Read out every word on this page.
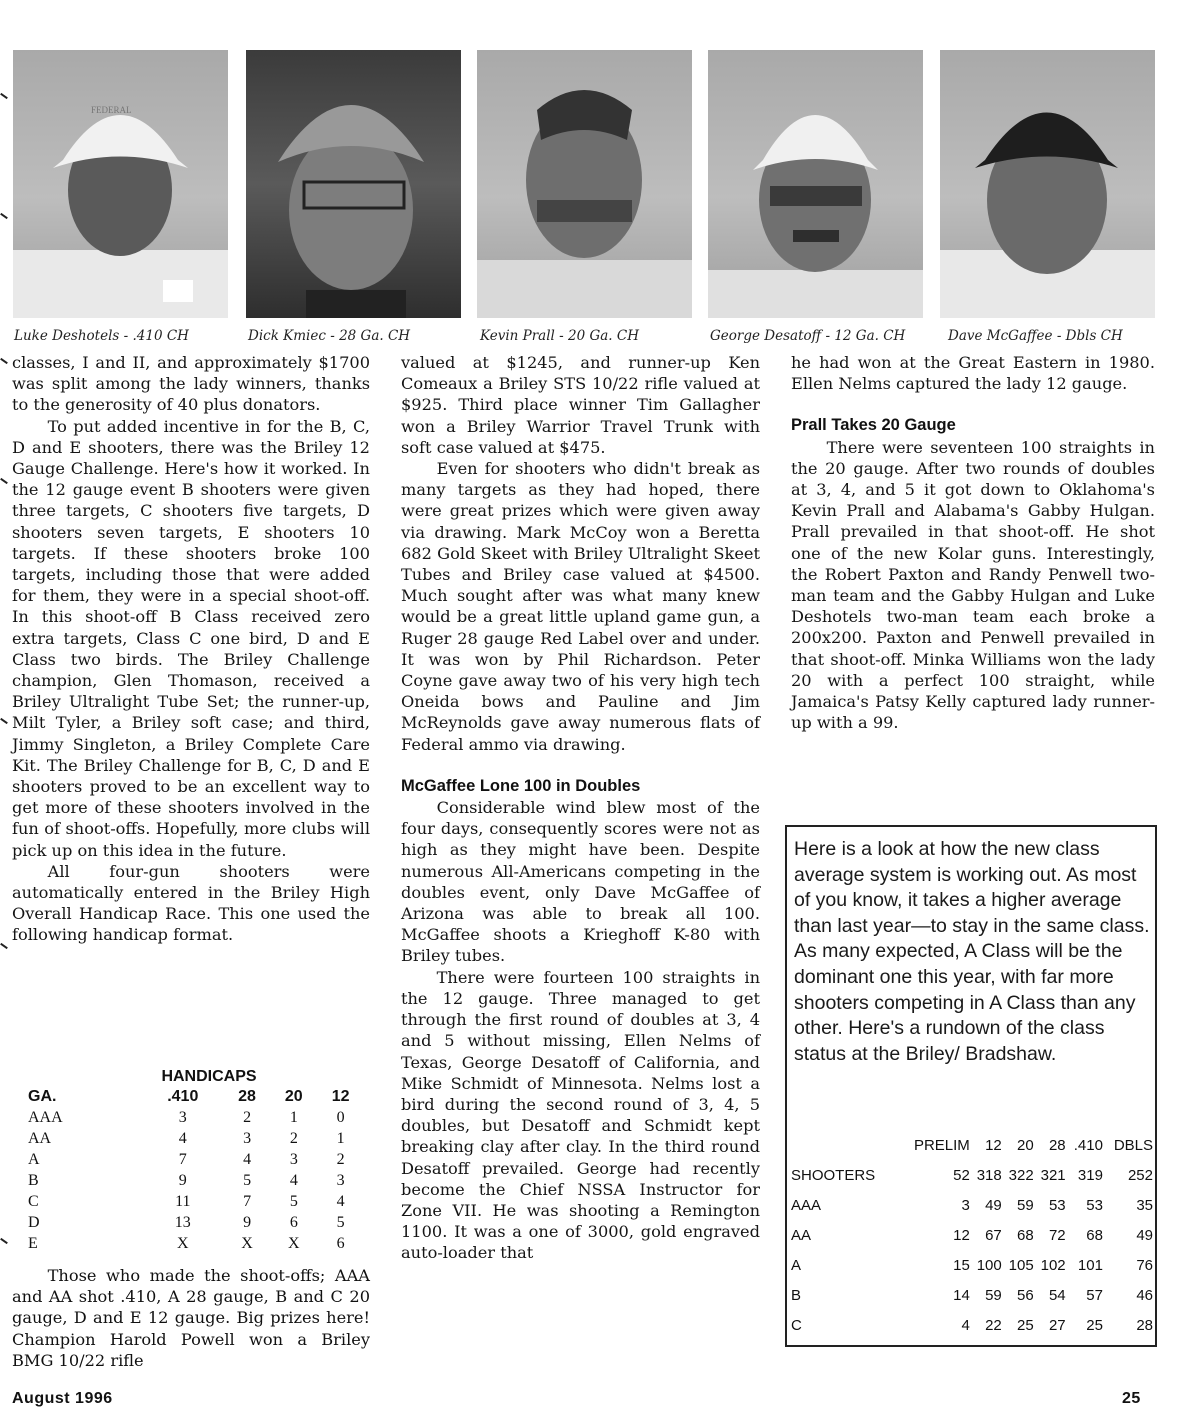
FEDERAL
Luke Deshotels - .410 CH	Dick Kmiec - 28 Ga. CH	Kevin Prall - 20 Ga. CH	George Desatoff - 12 Ga. CH	Dave McGaffee - Dbls CH

classes, I and II, and approximately $1700 was split among the lady winners, thanks to the generosity of 40 plus donators.

To put added incentive in for the B, C, D and E shooters, there was the Briley 12 Gauge Challenge. Here's how it worked. In the 12 gauge event B shooters were given three targets, C shooters five targets, D shooters seven targets, E shooters 10 targets. If these shooters broke 100 targets, including those that were added for them, they were in a special shoot-off. In this shoot-off B Class received zero extra targets, Class C one bird, D and E Class two birds. The Briley Challenge champion, Glen Thomason, received a Briley Ultralight Tube Set; the runner-up, Milt Tyler, a Briley soft case; and third, Jimmy Singleton, a Briley Complete Care Kit. The Briley Challenge for B, C, D and E shooters proved to be an excellent way to get more of these shooters involved in the fun of shoot-offs. Hopefully, more clubs will pick up on this idea in the future.

All four-gun shooters were automatically entered in the Briley High Overall Handicap Race. This one used the following handicap format.

HANDICAPS
GA.	.410	28	20	12
AAA	3	2	1	0
AA	4	3	2	1
A	7	4	3	2
B	9	5	4	3
C	11	7	5	4
D	13	9	6	5
E	X	X	X	6

Those who made the shoot-offs; AAA and AA shot .410, A 28 gauge, B and C 20 gauge, D and E 12 gauge. Big prizes here! Champion Harold Powell won a Briley BMG 10/22 rifle

valued at $1245, and runner-up Ken Comeaux a Briley STS 10/22 rifle valued at $925. Third place winner Tim Gallagher won a Briley Warrior Travel Trunk with soft case valued at $475.

Even for shooters who didn't break as many targets as they had hoped, there were great prizes which were given away via drawing. Mark McCoy won a Beretta 682 Gold Skeet with Briley Ultralight Skeet Tubes and Briley case valued at $4500. Much sought after was what many knew would be a great little upland game gun, a Ruger 28 gauge Red Label over and under. It was won by Phil Richardson. Peter Coyne gave away two of his very high tech Oneida bows and Pauline and Jim McReynolds gave away numerous flats of Federal ammo via drawing.

McGaffee Lone 100 in Doubles

Considerable wind blew most of the four days, consequently scores were not as high as they might have been. Despite numerous All-Americans competing in the doubles event, only Dave McGaffee of Arizona was able to break all 100. McGaffee shoots a Krieghoff K-80 with Briley tubes.

There were fourteen 100 straights in the 12 gauge. Three managed to get through the first round of doubles at 3, 4 and 5 without missing, Ellen Nelms of Texas, George Desatoff of California, and Mike Schmidt of Minnesota. Nelms lost a bird during the second round of 3, 4, 5 doubles, but Desatoff and Schmidt kept breaking clay after clay. In the third round Desatoff prevailed. George had recently become the Chief NSSA Instructor for Zone VII. He was shooting a Remington 1100. It was a one of 3000, gold engraved auto-loader that

he had won at the Great Eastern in 1980. Ellen Nelms captured the lady 12 gauge.

Prall Takes 20 Gauge

There were seventeen 100 straights in the 20 gauge. After two rounds of doubles at 3, 4, and 5 it got down to Oklahoma's Kevin Prall and Alabama's Gabby Hulgan. Prall prevailed in that shoot-off. He shot one of the new Kolar guns. Interestingly, the Robert Paxton and Randy Penwell two-man team and the Gabby Hulgan and Luke Deshotels two-man team each broke a 200x200. Paxton and Penwell prevailed in that shoot-off. Minka Williams won the lady 20 with a perfect 100 straight, while Jamaica's Patsy Kelly captured lady runner-up with a 99.

Here is a look at how the new class average system is working out. As most of you know, it takes a higher average than last year—to stay in the same class. As many expected, A Class will be the dominant one this year, with far more shooters competing in A Class than any other. Here's a rundown of the class status at the Briley/ Bradshaw.
	PRELIM	12	20	28	.410	DBLS
SHOOTERS	52	318	322	321	319	252
AAA	3	49	59	53	53	35
AA	12	67	68	72	68	49
A	15	100	105	102	101	76
B	14	59	56	54	57	46
C	4	22	25	27	25	28
August 1996	25
